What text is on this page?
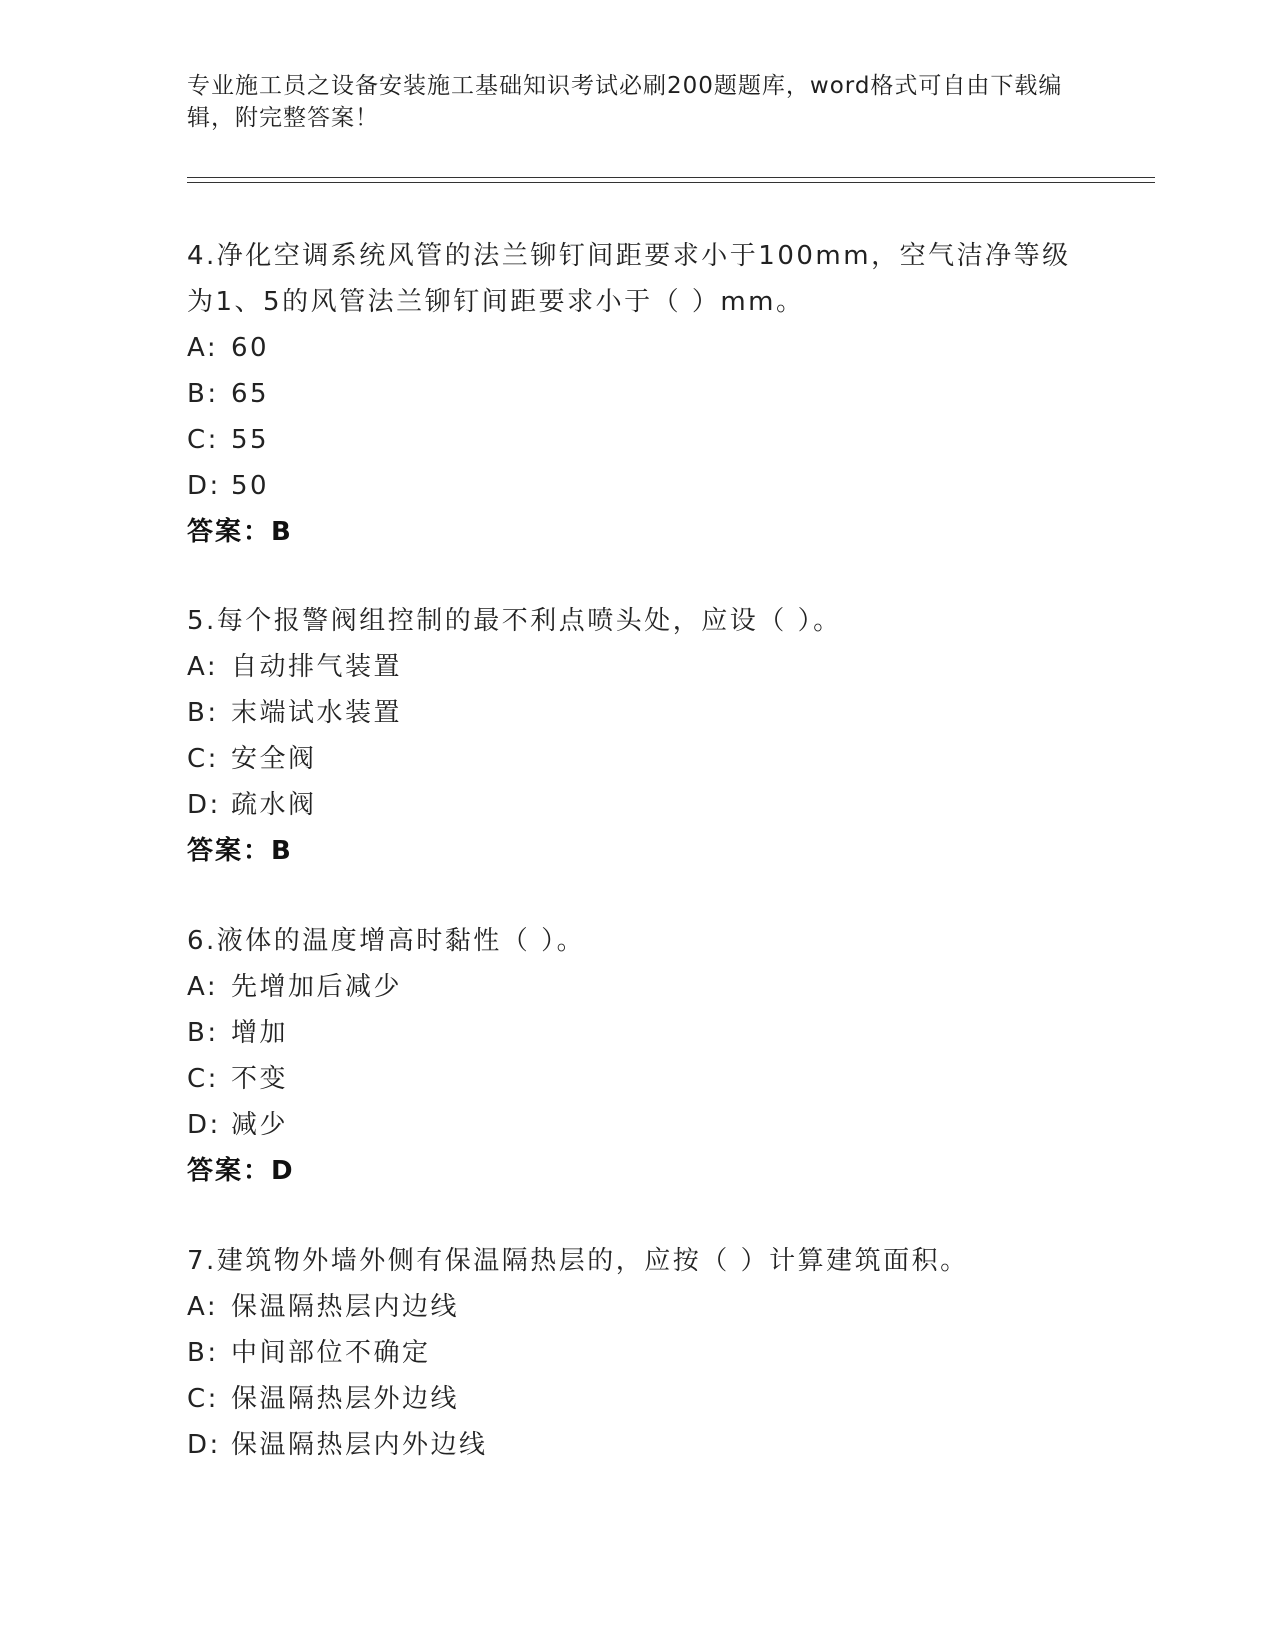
专业施工员之设备安装施工基础知识考试必刷200题题库，word格式可自由下载编辑，附完整答案！
4.净化空调系统风管的法兰铆钉间距要求小于100mm，空气洁净等级为1、5的风管法兰铆钉间距要求小于（ ）mm。
A: 60
B: 65
C: 55
D: 50
答案：B
5.每个报警阀组控制的最不利点喷头处，应设（ ）。
A: 自动排气装置
B: 末端试水装置
C: 安全阀
D: 疏水阀
答案：B
6.液体的温度增高时黏性（ ）。
A: 先增加后减少
B: 增加
C: 不变
D: 减少
答案：D
7.建筑物外墙外侧有保温隔热层的，应按（ ）计算建筑面积。
A: 保温隔热层内边线
B: 中间部位不确定
C: 保温隔热层外边线
D: 保温隔热层内外边线
